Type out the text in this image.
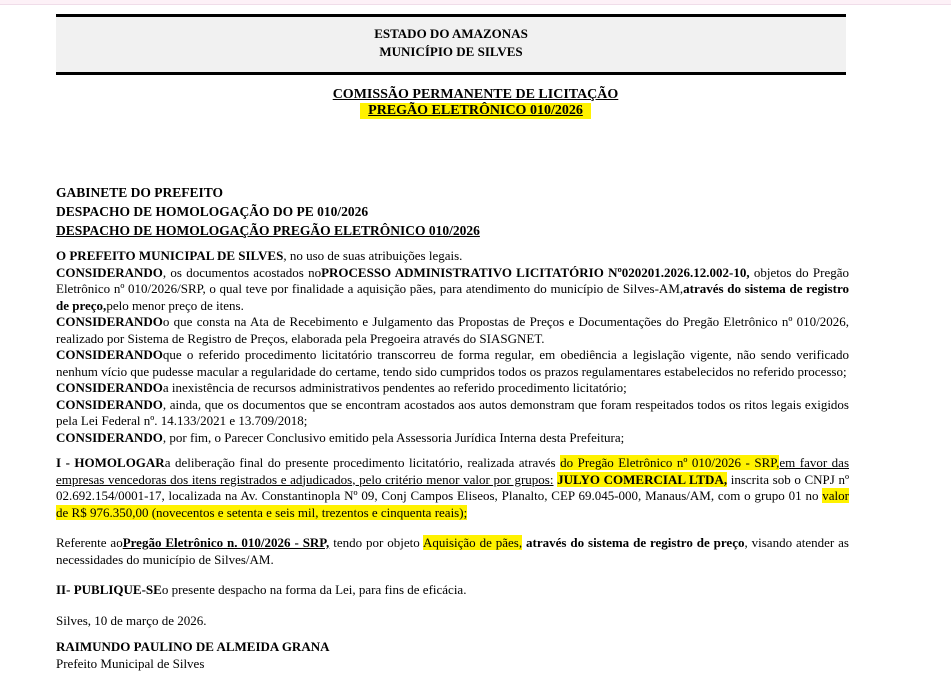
ESTADO DO AMAZONAS
MUNICÍPIO DE SILVES
COMISSÃO PERMANENTE DE LICITAÇÃO
PREGÃO ELETRÔNICO 010/2026
GABINETE DO PREFEITO
DESPACHO DE HOMOLOGAÇÃO DO PE 010/2026
DESPACHO DE HOMOLOGAÇÃO PREGÃO ELETRÔNICO 010/2026

O PREFEITO MUNICIPAL DE SILVES, no uso de suas atribuições legais.

CONSIDERANDO, os documentos acostados noPROCESSO ADMINISTRATIVO LICITATÓRIO Nº020201.2026.12.002-10, objetos do Pregão Eletrônico nº 010/2026/SRP, o qual teve por finalidade a aquisição pães, para atendimento do município de Silves-AM,através do sistema de registro de preço,pelo menor preço de itens.

CONSIDERANDOo que consta na Ata de Recebimento e Julgamento das Propostas de Preços e Documentações do Pregão Eletrônico nº 010/2026, realizado por Sistema de Registro de Preços, elaborada pela Pregoeira através do SIASGNET.

CONSIDERANDOque o referido procedimento licitatório transcorreu de forma regular, em obediência a legislação vigente, não sendo verificado nenhum vício que pudesse macular a regularidade do certame, tendo sido cumpridos todos os prazos regulamentares estabelecidos no referido processo;

CONSIDERANDOa inexistência de recursos administrativos pendentes ao referido procedimento licitatório;

CONSIDERANDO, ainda, que os documentos que se encontram acostados aos autos demonstram que foram respeitados todos os ritos legais exigidos pela Lei Federal nº. 14.133/2021 e 13.709/2018;

CONSIDERANDO, por fim, o Parecer Conclusivo emitido pela Assessoria Jurídica Interna desta Prefeitura;

I - HOMOLOGARa deliberação final do presente procedimento licitatório, realizada através do Pregão Eletrônico nº 010/2026 - SRP,em favor das empresas vencedoras dos itens registrados e adjudicados, pelo critério menor valor por grupos: JULYO COMERCIAL LTDA, inscrita sob o CNPJ nº 02.692.154/0001-17, localizada na Av. Constantinopla Nº 09, Conj Campos Eliseos, Planalto, CEP 69.045-000, Manaus/AM, com o grupo 01 no valor de R$ 976.350,00 (novecentos e setenta e seis mil, trezentos e cinquenta reais);

Referente aoPregão Eletrônico n. 010/2026 - SRP, tendo por objeto Aquisição de pães, através do sistema de registro de preço, visando atender as necessidades do município de Silves/AM.

II- PUBLIQUE-SEo presente despacho na forma da Lei, para fins de eficácia.

Silves, 10 de março de 2026.

RAIMUNDO PAULINO DE ALMEIDA GRANA

Prefeito Municipal de Silves
